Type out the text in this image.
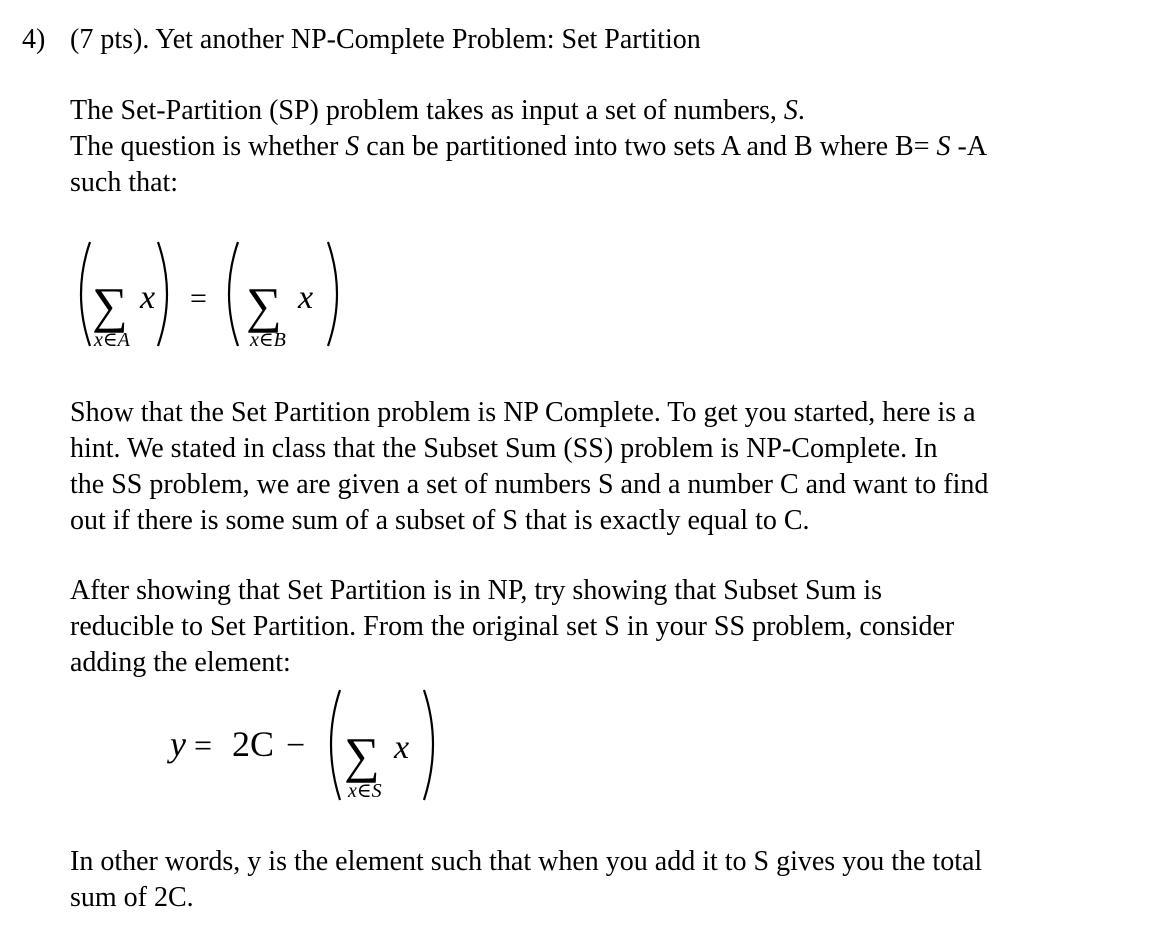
4) (7 pts). Yet another NP-Complete Problem: Set Partition
The Set-Partition (SP) problem takes as input a set of numbers, S.
The question is whether S can be partitioned into two sets A and B where B= S -A
such that:
∑ x
x∈A
= ∑ x
x∈B
Show that the Set Partition problem is NP Complete. To get you started, here is a
hint. We stated in class that the Subset Sum (SS) problem is NP-Complete. In
the SS problem, we are given a set of numbers S and a number C and want to find
out if there is some sum of a subset of S that is exactly equal to C.
After showing that Set Partition is in NP, try showing that Subset Sum is
reducible to Set Partition. From the original set S in your SS problem, consider
adding the element:
y = 2C − ∑ x
x∈S
In other words, y is the element such that when you add it to S gives you the total
sum of 2C.
